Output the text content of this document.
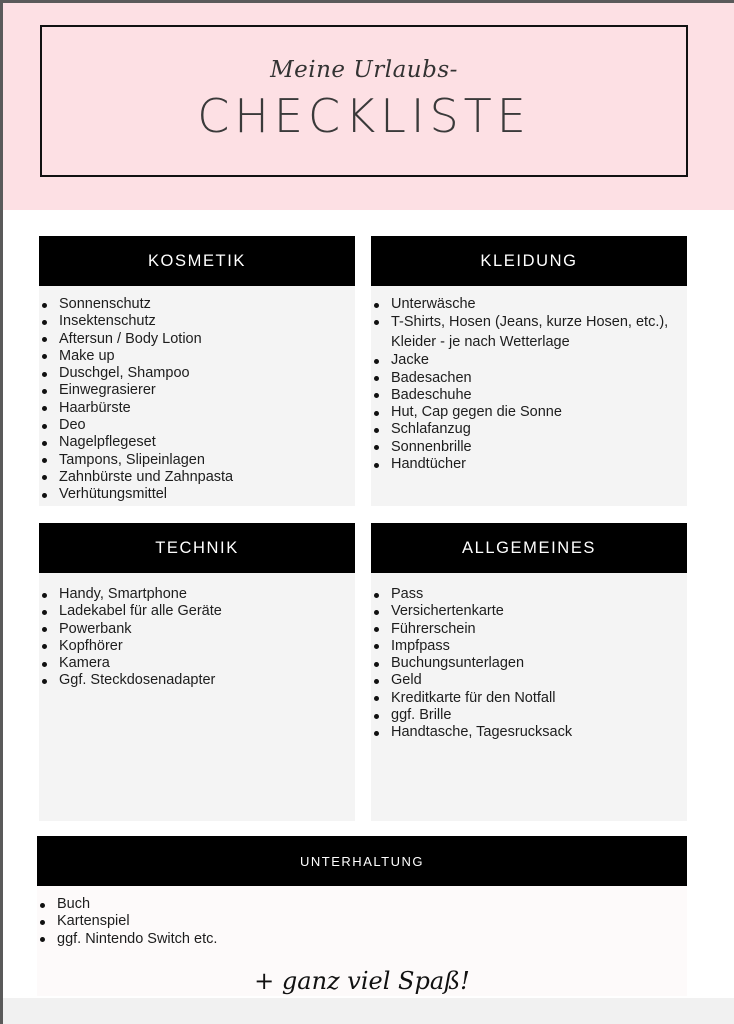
Meine Urlaubs-
CHECKLISTE
KOSMETIK
Sonnenschutz
Insektenschutz
Aftersun / Body Lotion
Make up
Duschgel, Shampoo
Einwegrasierer
Haarbürste
Deo
Nagelpflegeset
Tampons, Slipeinlagen
Zahnbürste und Zahnpasta
Verhütungsmittel
KLEIDUNG
Unterwäsche
T-Shirts, Hosen (Jeans, kurze Hosen, etc.), Kleider - je nach Wetterlage
Jacke
Badesachen
Badeschuhe
Hut, Cap gegen die Sonne
Schlafanzug
Sonnenbrille
Handtücher
TECHNIK
Handy, Smartphone
Ladekabel für alle Geräte
Powerbank
Kopfhörer
Kamera
Ggf. Steckdosenadapter
ALLGEMEINES
Pass
Versichertenkarte
Führerschein
Impfpass
Buchungsunterlagen
Geld
Kreditkarte für den Notfall
ggf. Brille
Handtasche, Tagesrucksack
UNTERHALTUNG
Buch
Kartenspiel
ggf. Nintendo Switch etc.
+ ganz viel Spaß!
